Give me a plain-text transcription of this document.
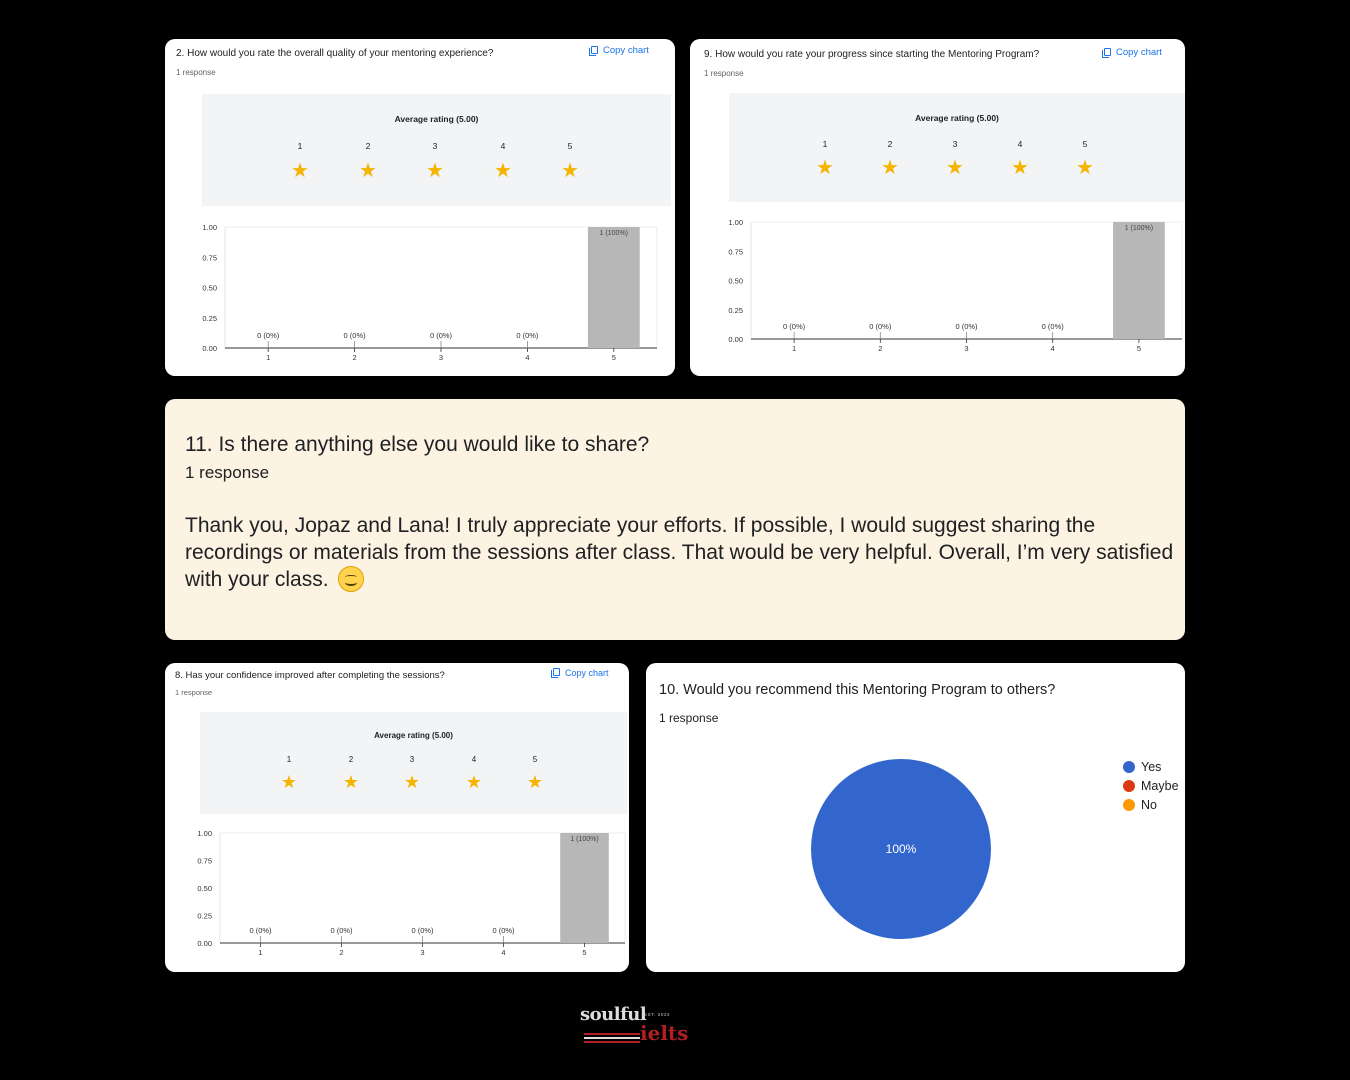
2. How would you rate the overall quality of your mentoring experience?
1 response
Copy chart
Average rating (5.00)
1
★
2
★
3
★
4
★
5
★
0.00
0.25
0.50
0.75
1.00
1
0 (0%)
2
0 (0%)
3
0 (0%)
4
0 (0%)
5
1 (100%)
9. How would you rate your progress since starting the Mentoring Program?
1 response
Copy chart
Average rating (5.00)
1
★
2
★
3
★
4
★
5
★
0.00
0.25
0.50
0.75
1.00
1
0 (0%)
2
0 (0%)
3
0 (0%)
4
0 (0%)
5
1 (100%)
11. Is there anything else you would like to share?
1 response
Thank you, Jopaz and Lana! I truly appreciate your efforts. If possible, I would suggest sharing the recordings or materials from the sessions after class. That would be very helpful. Overall, I’m very satisfied with your class.
8. Has your confidence improved after completing the sessions?
1 response
Copy chart
Average rating (5.00)
1
★
2
★
3
★
4
★
5
★
0.00
0.25
0.50
0.75
1.00
1
0 (0%)
2
0 (0%)
3
0 (0%)
4
0 (0%)
5
1 (100%)
10. Would you recommend this Mentoring Program to others?
1 response
100%
Yes
Maybe
No
soulful
EST. 2024
ielts
